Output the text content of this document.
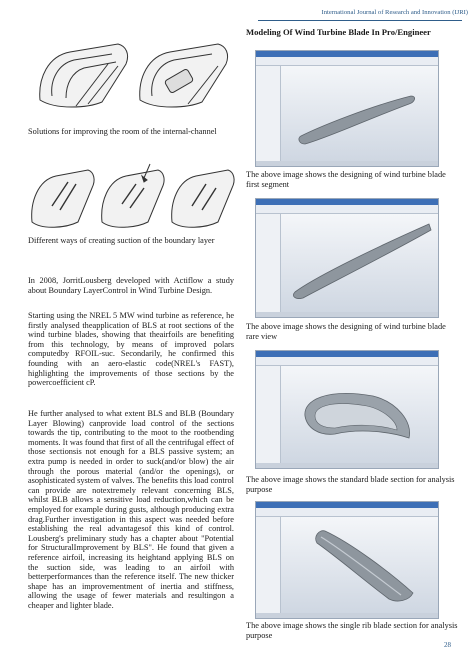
International Journal of Research and Innovation (IJRI)

Solutions for improving the room of the internal-channel

Different ways of creating suction of the boundary layer

In 2008, JorritLousberg developed with Actiflow a study about Boundary LayerControl in Wind Turbine Design.

Starting using the NREL 5 MW wind turbine as reference, he firstly analysed theapplication of BLS at root sections of the wind turbine blades, showing that theairfoils are benefiting from this technology, by means of improved polars computedby RFOIL-suc. Secondarily, he confirmed this founding with an aero-elastic code(NREL's FAST), highlighting the improvements of those sections by the powercoefficient cP.

He further analysed to what extent BLS and BLB (Boundary Layer Blowing) canprovide load control of the sections towards the tip, contributing to the moot to the rootbending moments. It was found that first of all the centrifugal effect of those sectionsis not enough for a BLS passive system; an extra pump is needed in order to suck(and/or blow) the air through the porous material (and/or the openings), or asophisticated system of valves. The benefits this load control can provide are notextremely relevant concerning BLS, whilst BLB allows a sensitive load reduction,which can be employed for example during gusts, although producing extra drag.Further investigation in this aspect was needed before establishing the real advantagesof this kind of control. Lousberg's preliminary study has a chapter about "Potential for StructuralImprovement by BLS". He found that given a reference airfoil, increasing its heightand applying BLS on the suction side, was leading to an airfoil with betterperformances than the reference itself. The new thicker shape has an improvementment of inertia and stiffness, allowing the usage of fewer materials and resultingon a cheaper and lighter blade.

Modeling Of Wind Turbine Blade In Pro/Engineer

The above image shows the designing of wind turbine blade first segment

The above image shows the designing of wind turbine blade rare view

The above image shows the standard blade section for analysis purpose

The above image shows the single rib blade section for analysis purpose

28
